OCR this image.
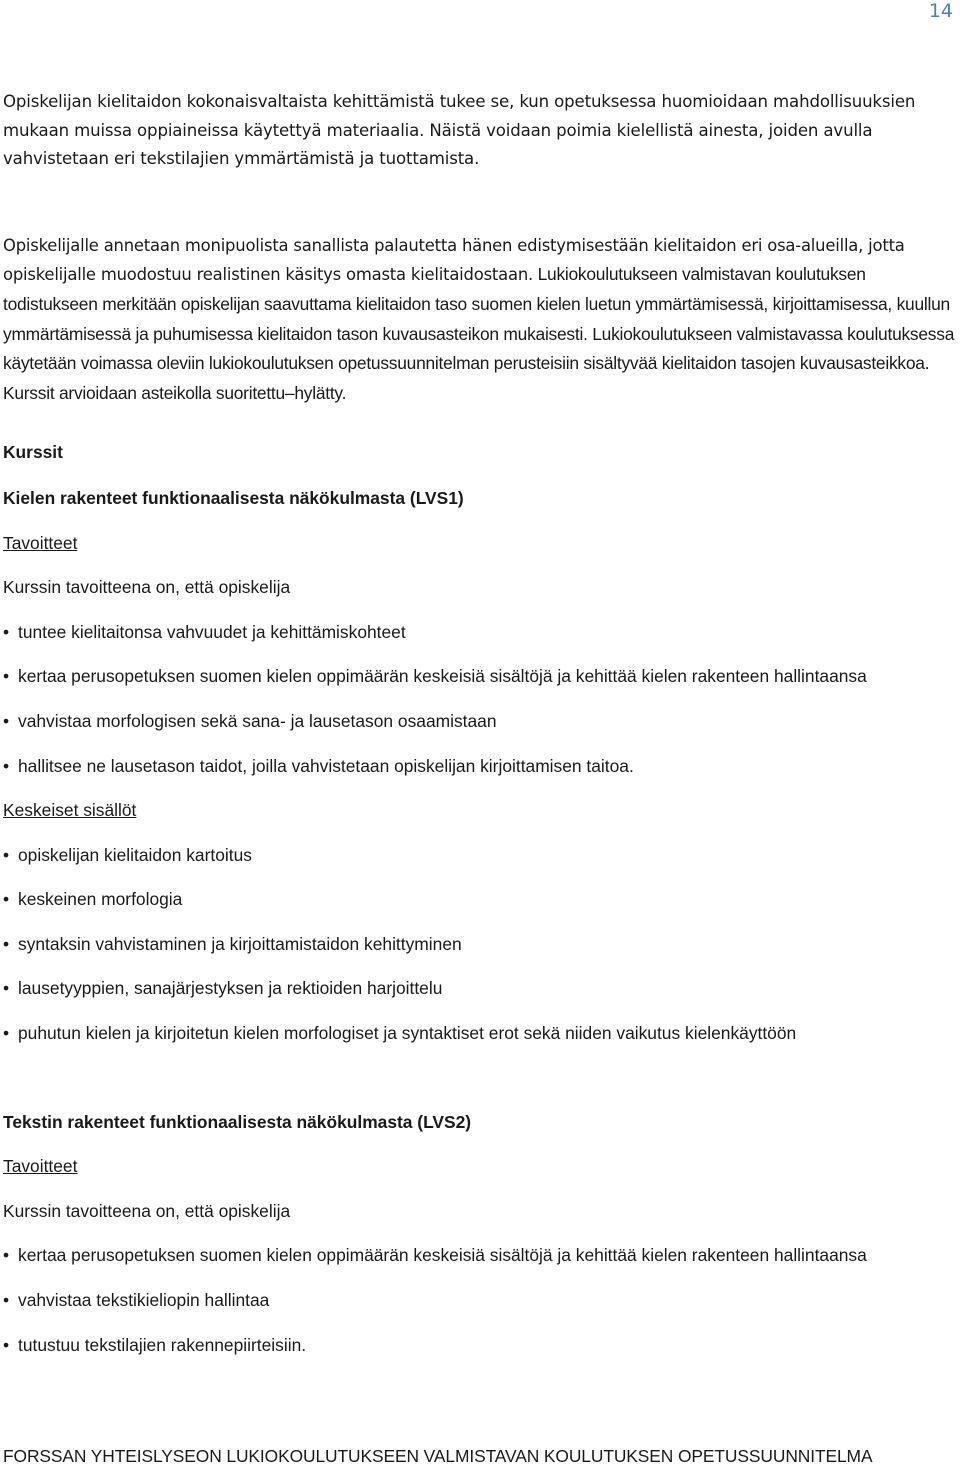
14

Opiskelijan kielitaidon kokonaisvaltaista kehittämistä tukee se, kun opetuksessa huomioidaan mahdollisuuksien mukaan muissa oppiaineissa käytettyä materiaalia. Näistä voidaan poimia kielellistä ainesta, joiden avulla vahvistetaan eri tekstilajien ymmärtämistä ja tuottamista.

Opiskelijalle annetaan monipuolista sanallista palautetta hänen edistymisestään kielitaidon eri osa-alueilla, jotta opiskelijalle muodostuu realistinen käsitys omasta kielitaidostaan. Lukiokoulutukseen valmistavan koulutuksen todistukseen merkitään opiskelijan saavuttama kielitaidon taso suomen kielen luetun ymmärtämisessä, kirjoittamisessa, kuullun ymmärtämisessä ja puhumisessa kielitaidon tason kuvausasteikon mukaisesti. Lukiokoulutukseen valmistavassa koulutuksessa käytetään voimassa oleviin lukiokoulutuksen opetussuunnitelman perusteisiin sisältyvää kielitaidon tasojen kuvausasteikkoa. Kurssit arvioidaan asteikolla suoritettu–hylätty.

Kurssit
Kielen rakenteet funktionaalisesta näkökulmasta (LVS1)
Tavoitteet
Kurssin tavoitteena on, että opiskelija
• tuntee kielitaitonsa vahvuudet ja kehittämiskohteet
• kertaa perusopetuksen suomen kielen oppimäärän keskeisiä sisältöjä ja kehittää kielen rakenteen hallintaansa
• vahvistaa morfologisen sekä sana- ja lausetason osaamistaan
• hallitsee ne lausetason taidot, joilla vahvistetaan opiskelijan kirjoittamisen taitoa.
Keskeiset sisällöt
• opiskelijan kielitaidon kartoitus
• keskeinen morfologia
• syntaksin vahvistaminen ja kirjoittamistaidon kehittyminen
• lausetyyppien, sanajärjestyksen ja rektioiden harjoittelu
• puhutun kielen ja kirjoitetun kielen morfologiset ja syntaktiset erot sekä niiden vaikutus kielenkäyttöön
Tekstin rakenteet funktionaalisesta näkökulmasta (LVS2)
Tavoitteet
Kurssin tavoitteena on, että opiskelija
• kertaa perusopetuksen suomen kielen oppimäärän keskeisiä sisältöjä ja kehittää kielen rakenteen hallintaansa
• vahvistaa tekstikieliopin hallintaa
• tutustuu tekstilajien rakennepiirteisiin.
FORSSAN YHTEISLYSEON LUKIOKOULUTUKSEEN VALMISTAVAN KOULUTUKSEN OPETUSSUUNNITELMA
